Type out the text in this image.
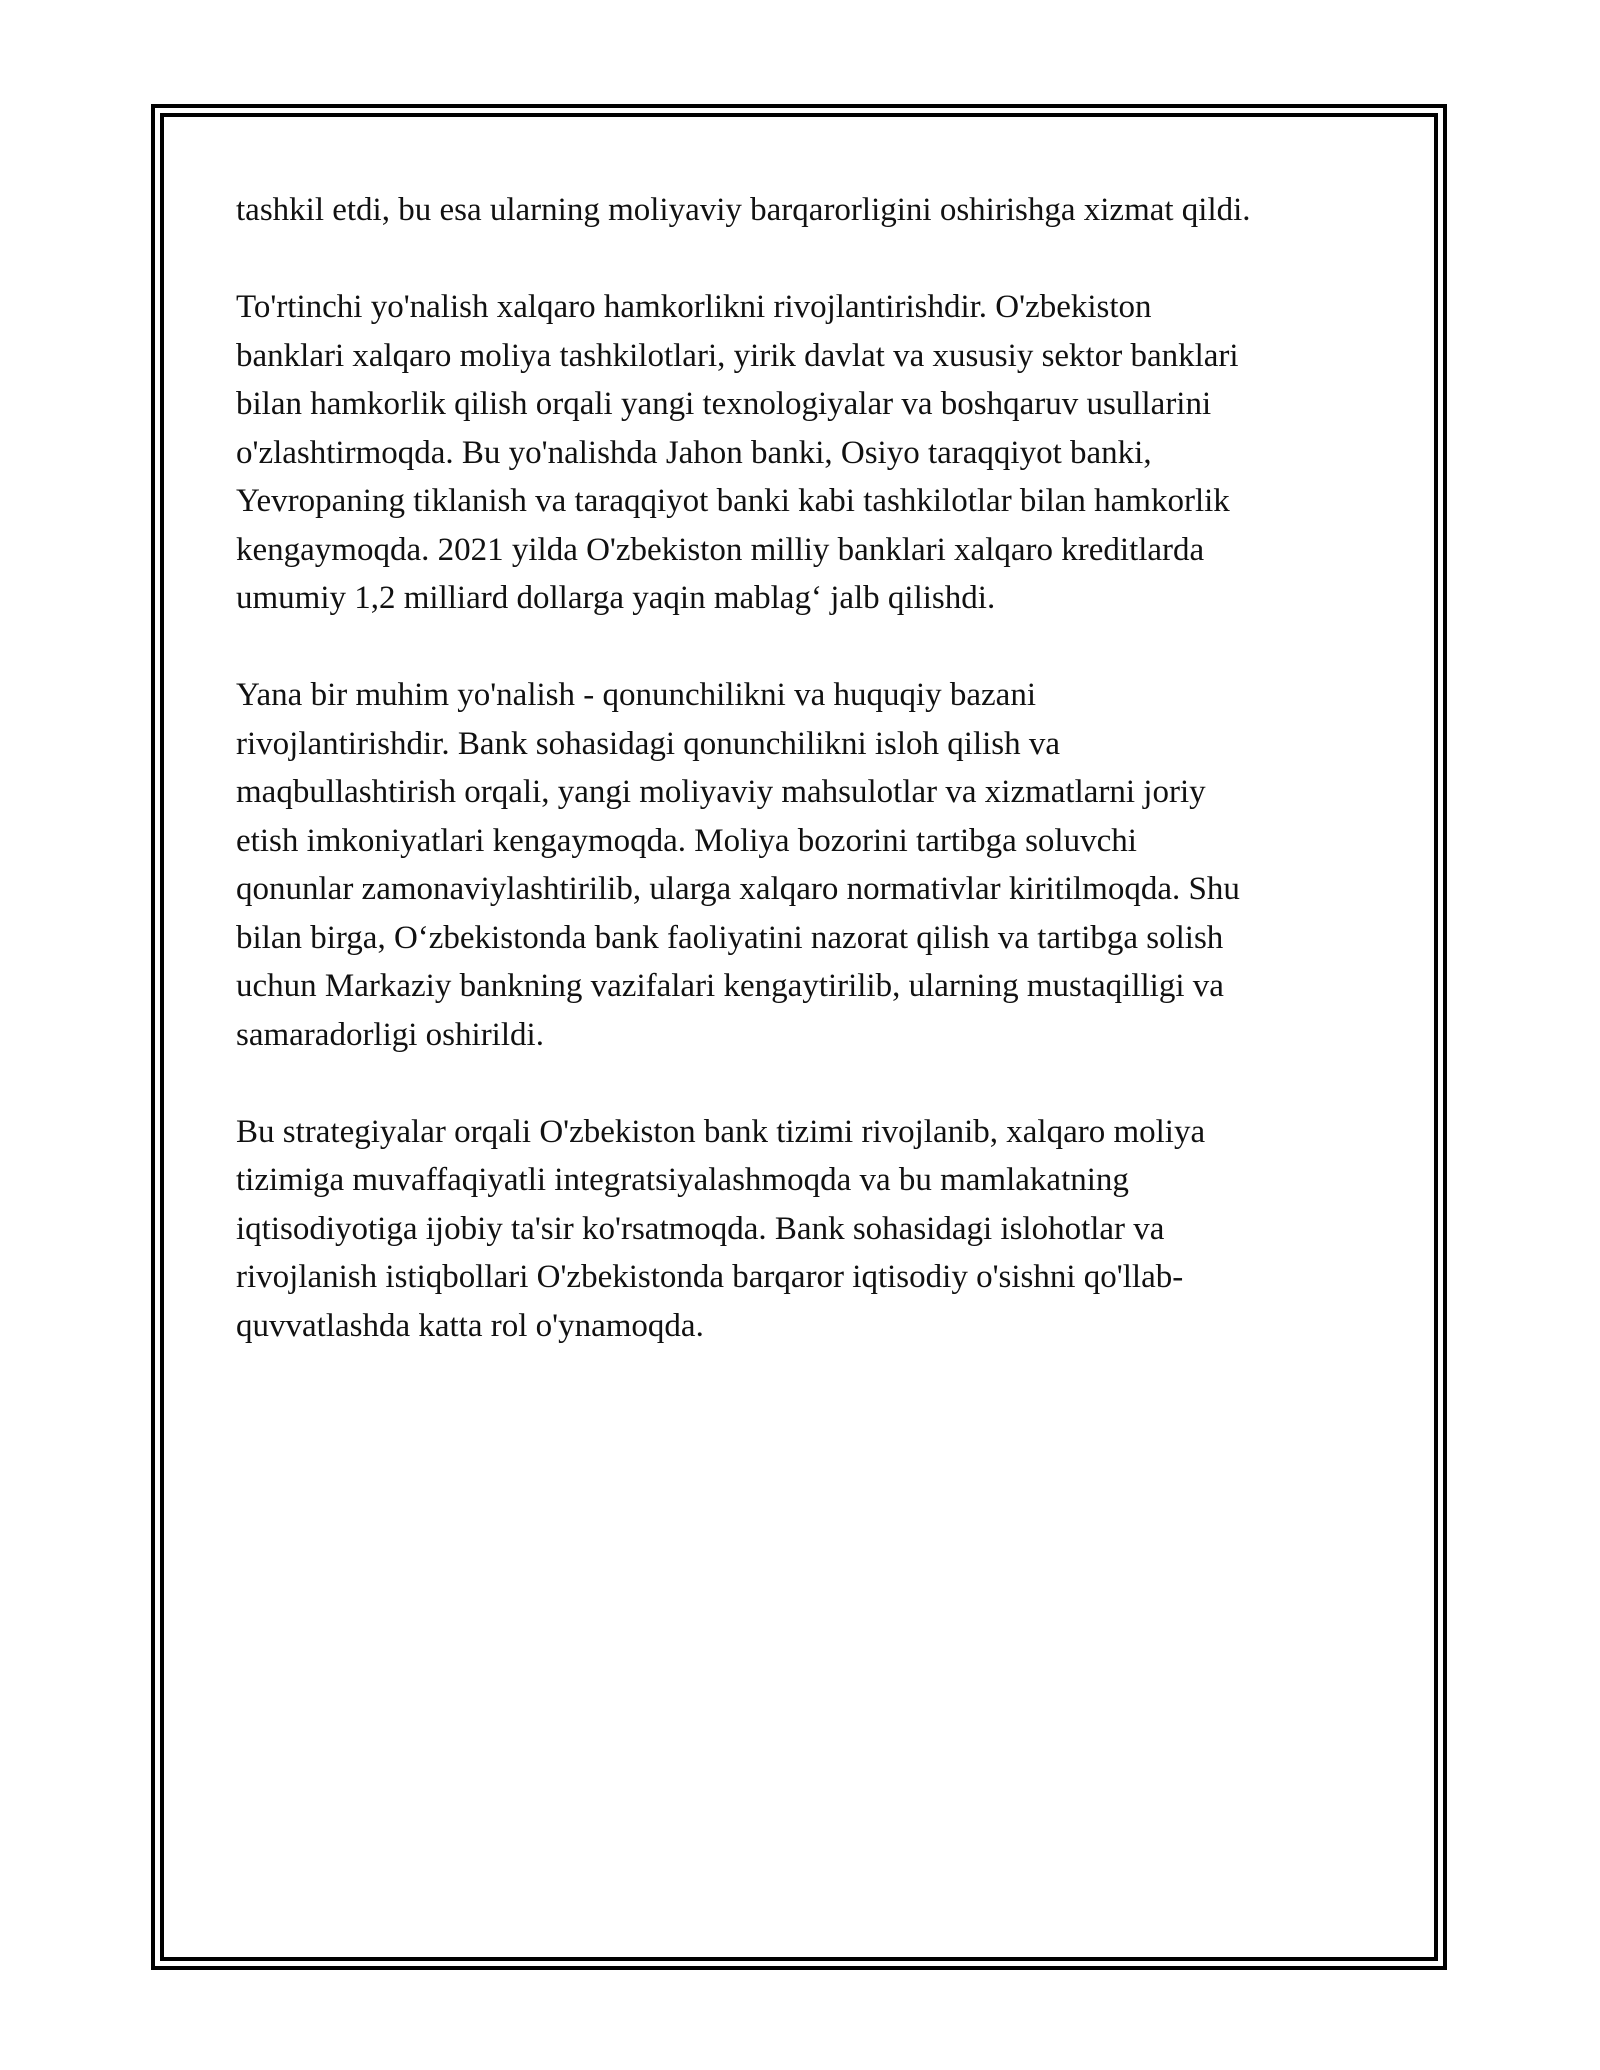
tashkil etdi, bu esa ularning moliyaviy barqarorligini oshirishga xizmat qildi.
To'rtinchi yo'nalish xalqaro hamkorlikni rivojlantirishdir. O'zbekiston
banklari xalqaro moliya tashkilotlari, yirik davlat va xususiy sektor banklari
bilan hamkorlik qilish orqali yangi texnologiyalar va boshqaruv usullarini
o'zlashtirmoqda. Bu yo'nalishda Jahon banki, Osiyo taraqqiyot banki,
Yevropaning tiklanish va taraqqiyot banki kabi tashkilotlar bilan hamkorlik
kengaymoqda. 2021 yilda O'zbekiston milliy banklari xalqaro kreditlarda
umumiy 1,2 milliard dollarga yaqin mablag‘ jalb qilishdi.
Yana bir muhim yo'nalish - qonunchilikni va huquqiy bazani
rivojlantirishdir. Bank sohasidagi qonunchilikni isloh qilish va
maqbullashtirish orqali, yangi moliyaviy mahsulotlar va xizmatlarni joriy
etish imkoniyatlari kengaymoqda. Moliya bozorini tartibga soluvchi
qonunlar zamonaviylashtirilib, ularga xalqaro normativlar kiritilmoqda. Shu
bilan birga, O‘zbekistonda bank faoliyatini nazorat qilish va tartibga solish
uchun Markaziy bankning vazifalari kengaytirilib, ularning mustaqilligi va
samaradorligi oshirildi.
Bu strategiyalar orqali O'zbekiston bank tizimi rivojlanib, xalqaro moliya
tizimiga muvaffaqiyatli integratsiyalashmoqda va bu mamlakatning
iqtisodiyotiga ijobiy ta'sir ko'rsatmoqda. Bank sohasidagi islohotlar va
rivojlanish istiqbollari O'zbekistonda barqaror iqtisodiy o'sishni qo'llab-
quvvatlashda katta rol o'ynamoqda.
